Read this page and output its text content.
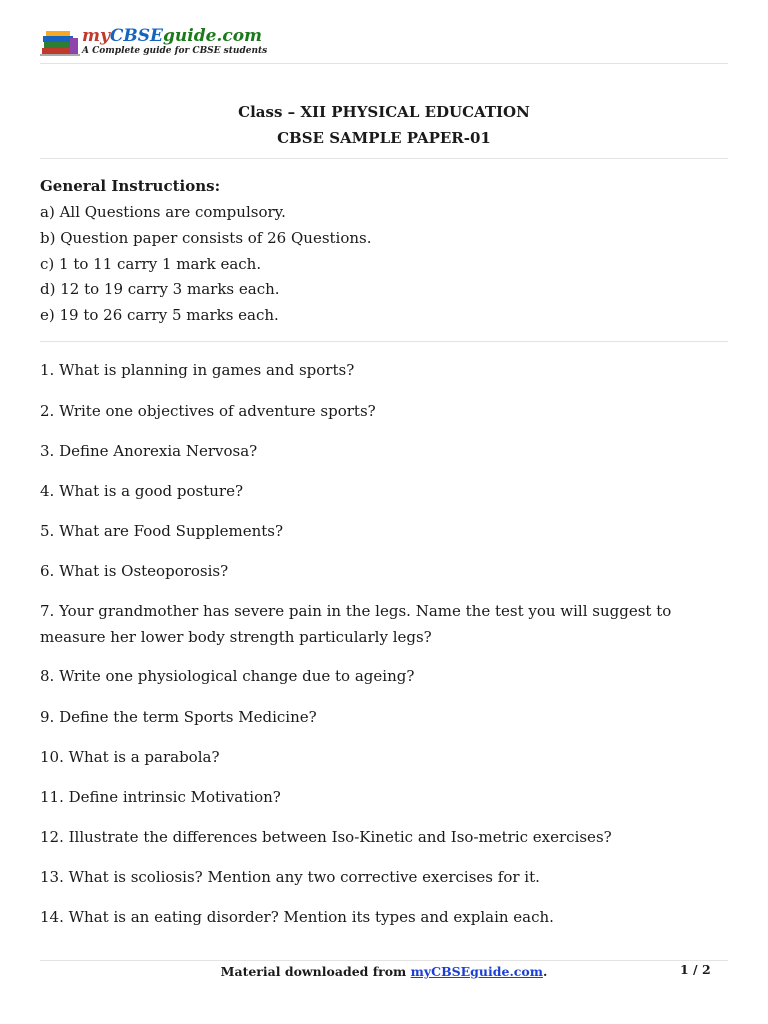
myCBSEguide.com
A Complete guide for CBSE students
Class – XII PHYSICAL EDUCATION
CBSE SAMPLE PAPER-01
General Instructions:
a) All Questions are compulsory.
b) Question paper consists of 26 Questions.
c) 1 to 11 carry 1 mark each.
d) 12 to 19 carry 3 marks each.
e) 19 to 26 carry 5 marks each.
1. What is planning in games and sports?
2. Write one objectives of adventure sports?
3. Define Anorexia Nervosa?
4. What is a good posture?
5. What are Food Supplements?
6. What is Osteoporosis?
7. Your grandmother has severe pain in the legs. Name the test you will suggest to measure her lower body strength particularly legs?
8. Write one physiological change due to ageing?
9. Define the term Sports Medicine?
10. What is a parabola?
11. Define intrinsic Motivation?
12. Illustrate the differences between Iso-Kinetic and Iso-metric exercises?
13. What is scoliosis? Mention any two corrective exercises for it.
14. What is an eating disorder? Mention its types and explain each.
Material downloaded from myCBSEguide.com.	1 / 2
